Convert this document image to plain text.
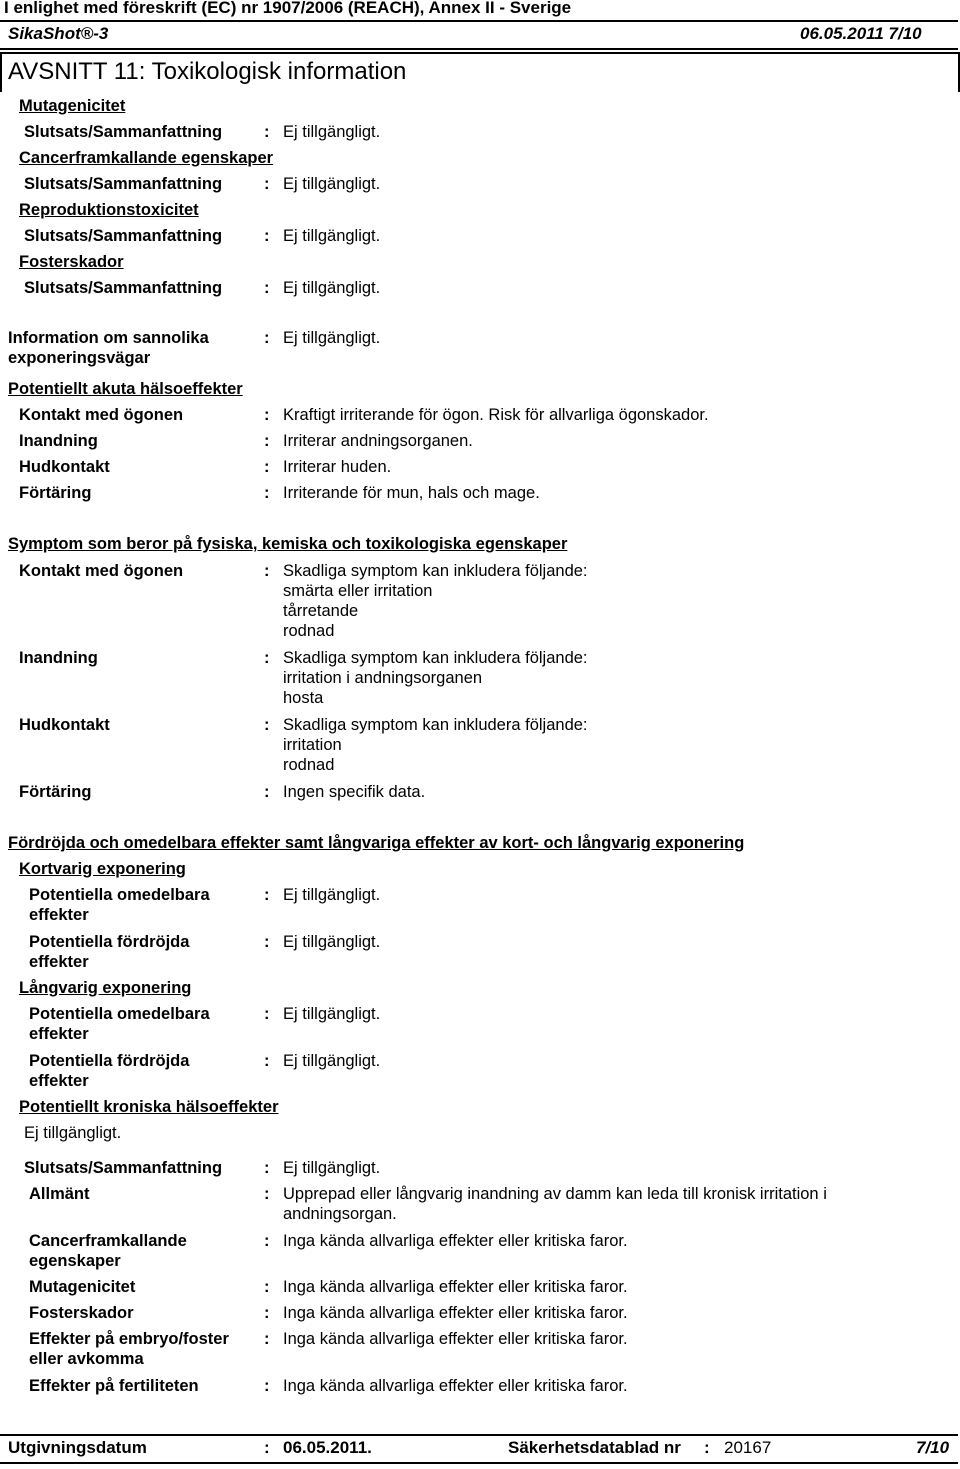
I enlighet med föreskrift (EC) nr 1907/2006 (REACH), Annex II - Sverige
SikaShot®-3	06.05.2011 7/10
AVSNITT 11: Toxikologisk information
Mutagenicitet
Slutsats/Sammanfattning	: Ej tillgängligt.
Cancerframkallande egenskaper
Slutsats/Sammanfattning	: Ej tillgängligt.
Reproduktionstoxicitet
Slutsats/Sammanfattning	: Ej tillgängligt.
Fosterskador
Slutsats/Sammanfattning	: Ej tillgängligt.
Information om sannolika exponeringsvägar
: Ej tillgängligt.
Potentiellt akuta hälsoeffekter
Kontakt med ögonen	: Kraftigt irriterande för ögon. Risk för allvarliga ögonskador.
Inandning	: Irriterar andningsorganen.
Hudkontakt	: Irriterar huden.
Förtäring	: Irriterande för mun, hals och mage.
Symptom som beror på fysiska, kemiska och toxikologiska egenskaper
Kontakt med ögonen	: Skadliga symptom kan inkludera följande:
smärta eller irritation
tårretande
rodnad
Inandning	: Skadliga symptom kan inkludera följande:
irritation i andningsorganen
hosta
Hudkontakt	: Skadliga symptom kan inkludera följande:
irritation
rodnad
Förtäring	: Ingen specifik data.
Fördröjda och omedelbara effekter samt långvariga effekter av kort- och långvarig exponering
Kortvarig exponering
Potentiella omedelbara effekter
: Ej tillgängligt.
Potentiella fördröjda effekter
: Ej tillgängligt.
Långvarig exponering
Potentiella omedelbara effekter
: Ej tillgängligt.
Potentiella fördröjda effekter
: Ej tillgängligt.
Potentiellt kroniska hälsoeffekter
Ej tillgängligt.
Slutsats/Sammanfattning	: Ej tillgängligt.
Allmänt	: Upprepad eller långvarig inandning av damm kan leda till kronisk irritation i andningsorgan.
Cancerframkallande egenskaper
: Inga kända allvarliga effekter eller kritiska faror.
Mutagenicitet	: Inga kända allvarliga effekter eller kritiska faror.
Fosterskador	: Inga kända allvarliga effekter eller kritiska faror.
Effekter på embryo/foster eller avkomma
: Inga kända allvarliga effekter eller kritiska faror.
Effekter på fertiliteten	: Inga kända allvarliga effekter eller kritiska faror.
Utgivningsdatum	: 06.05.2011.	Säkerhetsdatablad nr : 20167	7/10
